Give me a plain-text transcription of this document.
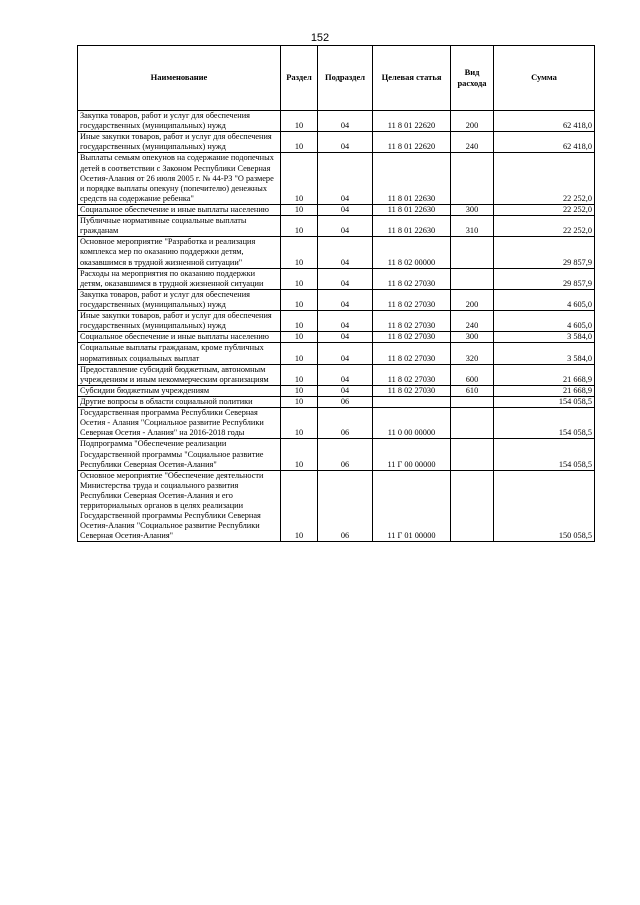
152
Наименование	Раздел	Подраздел	Целевая статья	Вид расхода	Сумма
Закупка товаров, работ и услуг для обеспечения государственных (муниципальных) нужд	10	04	11 8 01 22620	200	62 418,0
Иные закупки товаров, работ и услуг для обеспечения государственных (муниципальных) нужд	10	04	11 8 01 22620	240	62 418,0
Выплаты семьям опекунов на содержание подопечных детей в соответствии с Законом Республики Северная Осетия-Алания от 26 июля 2005 г. № 44-РЗ "О размере и порядке выплаты опекуну (попечителю) денежных средств на содержание ребенка"	10	04	11 8 01 22630		22 252,0
Социальное обеспечение и иные выплаты населению	10	04	11 8 01 22630	300	22 252,0
Публичные нормативные социальные выплаты гражданам	10	04	11 8 01 22630	310	22 252,0
Основное мероприятие "Разработка и реализация комплекса мер по оказанию поддержки детям, оказавшимся в трудной жизненной ситуации"	10	04	11 8 02 00000		29 857,9
Расходы на мероприятия по оказанию поддержки детям, оказавшимся в трудной жизненной ситуации	10	04	11 8 02 27030		29 857,9
Закупка товаров, работ и услуг для обеспечения государственных (муниципальных) нужд	10	04	11 8 02 27030	200	4 605,0
Иные закупки товаров, работ и услуг для обеспечения государственных (муниципальных) нужд	10	04	11 8 02 27030	240	4 605,0
Социальное обеспечение и иные выплаты населению	10	04	11 8 02 27030	300	3 584,0
Социальные выплаты гражданам, кроме публичных нормативных социальных выплат	10	04	11 8 02 27030	320	3 584,0
Предоставление субсидий бюджетным, автономным учреждениям и иным некоммерческим организациям	10	04	11 8 02 27030	600	21 668,9
Субсидии бюджетным учреждениям	10	04	11 8 02 27030	610	21 668,9
Другие вопросы в области социальной политики	10	06			154 058,5
Государственная программа Республики Северная Осетия - Алания "Социальное развитие Республики Северная Осетия - Алания" на 2016-2018 годы	10	06	11 0 00 00000		154 058,5
Подпрограмма "Обеспечение реализации Государственной программы "Социальное развитие Республики Северная Осетия-Алания"	10	06	11 Г 00 00000		154 058,5
Основное мероприятие "Обеспечение деятельности Министерства труда и социального развития Республики Северная Осетия-Алания и его территориальных органов в целях реализации Государственной программы Республики Северная Осетия-Алания "Социальное развитие Республики Северная Осетия-Алания"	10	06	11 Г 01 00000		150 058,5
